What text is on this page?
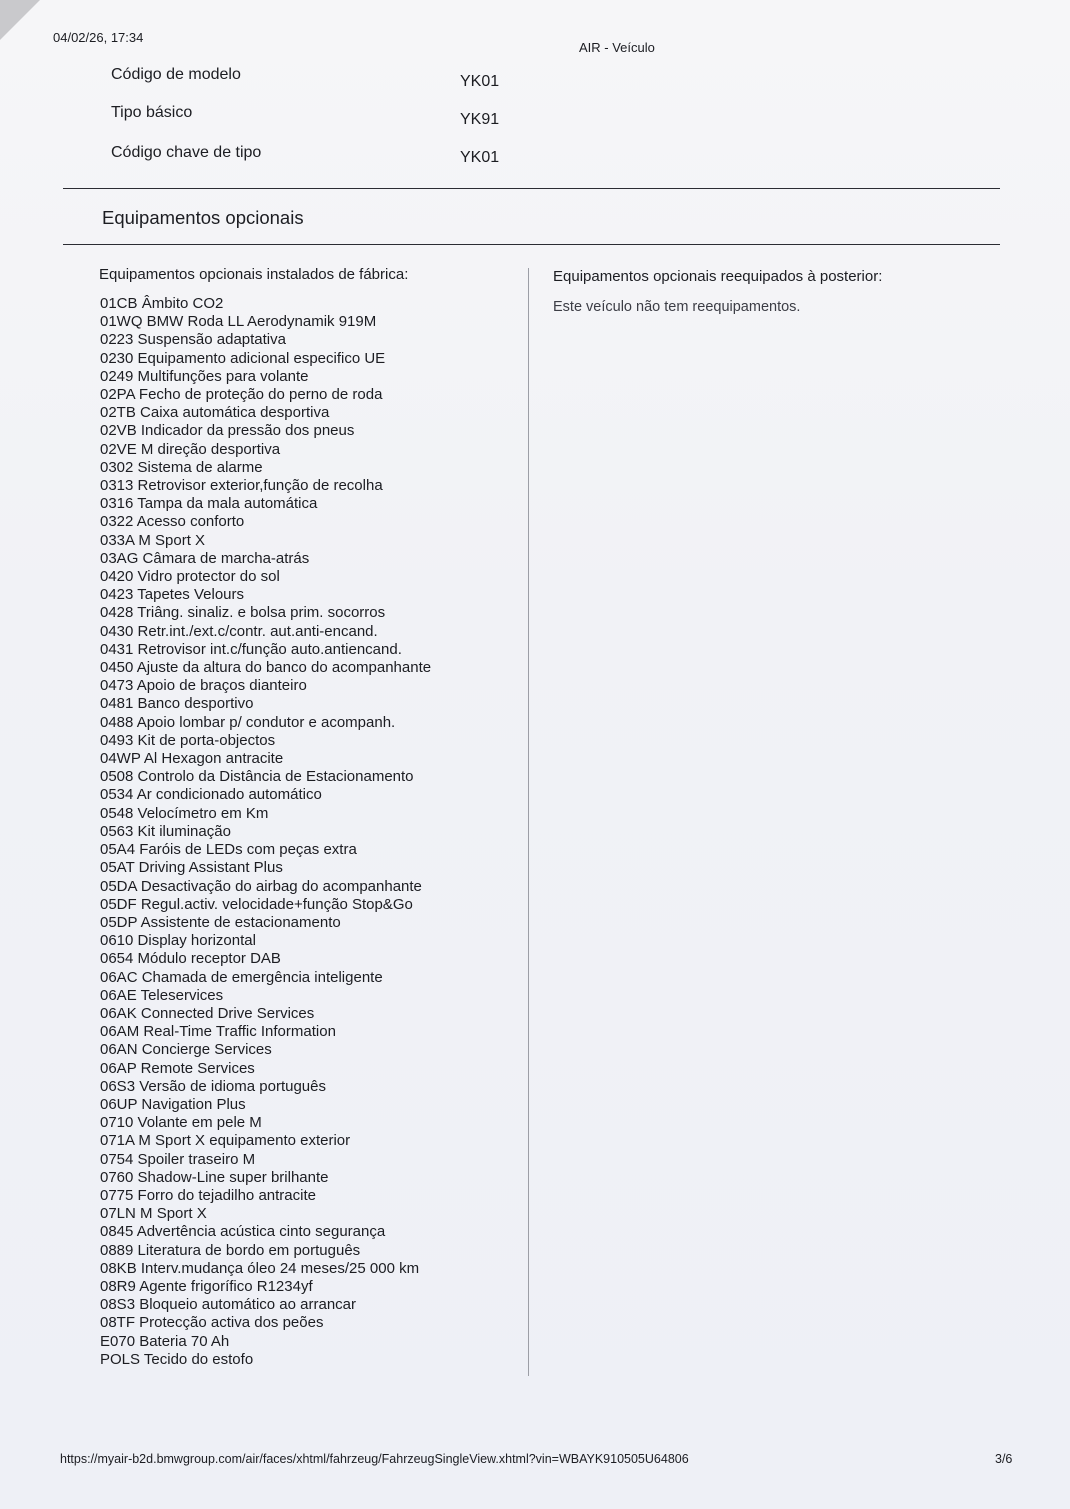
04/02/26, 17:34
AIR - Veículo
Código de modelo	YK01
Tipo básico	YK91
Código chave de tipo	YK01
Equipamentos opcionais
Equipamentos opcionais instalados de fábrica:
01CB Âmbito CO2
01WQ BMW Roda LL Aerodynamik 919M
0223 Suspensão adaptativa
0230 Equipamento adicional especifico UE
0249 Multifunções para volante
02PA Fecho de proteção do perno de roda
02TB Caixa automática desportiva
02VB Indicador da pressão dos pneus
02VE M direção desportiva
0302 Sistema de alarme
0313 Retrovisor exterior,função de recolha
0316 Tampa da mala automática
0322 Acesso conforto
033A M Sport X
03AG Câmara de marcha-atrás
0420 Vidro protector do sol
0423 Tapetes Velours
0428 Triâng. sinaliz. e bolsa prim. socorros
0430 Retr.int./ext.c/contr. aut.anti-encand.
0431 Retrovisor int.c/função auto.antiencand.
0450 Ajuste da altura do banco do acompanhante
0473 Apoio de braços dianteiro
0481 Banco desportivo
0488 Apoio lombar p/ condutor e acompanh.
0493 Kit de porta-objectos
04WP Al Hexagon antracite
0508 Controlo da Distância de Estacionamento
0534 Ar condicionado automático
0548 Velocímetro em Km
0563 Kit iluminação
05A4 Faróis de LEDs com peças extra
05AT Driving Assistant Plus
05DA Desactivação do airbag do acompanhante
05DF Regul.activ. velocidade+função Stop&Go
05DP Assistente de estacionamento
0610 Display horizontal
0654 Módulo receptor DAB
06AC Chamada de emergência inteligente
06AE Teleservices
06AK Connected Drive Services
06AM Real-Time Traffic Information
06AN Concierge Services
06AP Remote Services
06S3 Versão de idioma português
06UP Navigation Plus
0710 Volante em pele M
071A M Sport X equipamento exterior
0754 Spoiler traseiro M
0760 Shadow-Line super brilhante
0775 Forro do tejadilho antracite
07LN M Sport X
0845 Advertência acústica cinto segurança
0889 Literatura de bordo em português
08KB Interv.mudança óleo 24 meses/25 000 km
08R9 Agente frigorífico R1234yf
08S3 Bloqueio automático ao arrancar
08TF Protecção activa dos peões
E070 Bateria 70 Ah
POLS Tecido do estofo
Equipamentos opcionais reequipados à posterior:
Este veículo não tem reequipamentos.
https://myair-b2d.bmwgroup.com/air/faces/xhtml/fahrzeug/FahrzeugSingleView.xhtml?vin=WBAYK910505U64806	3/6
